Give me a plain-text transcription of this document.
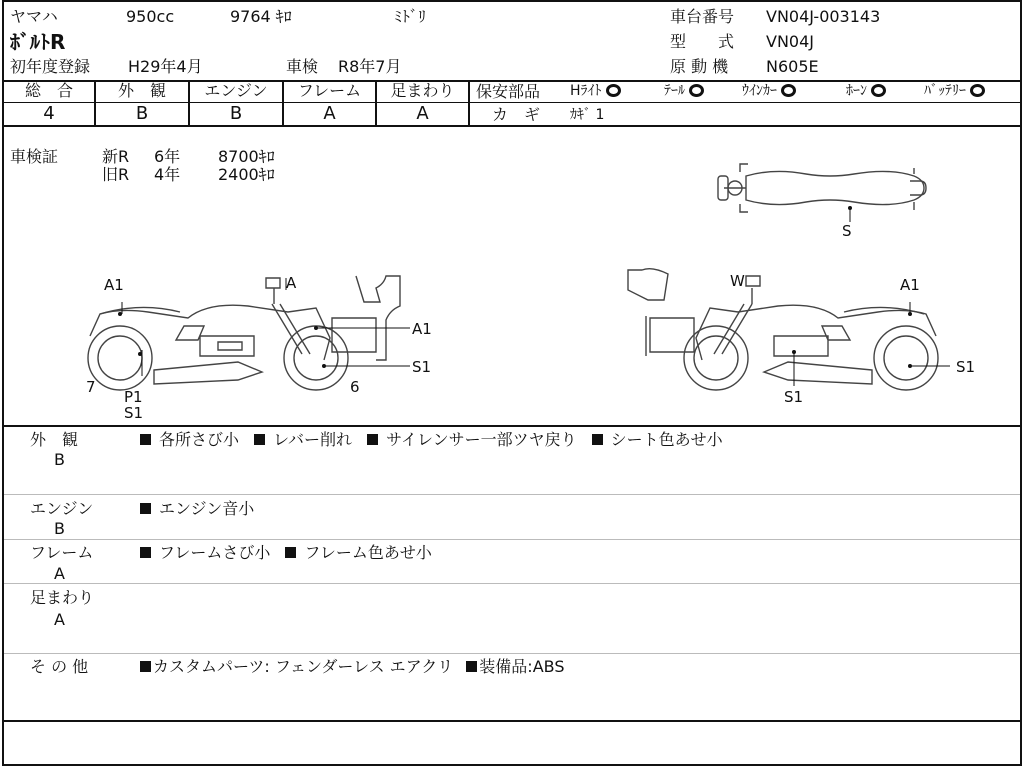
ヤマハ	950cc	9764 ｷﾛ	ﾐﾄﾞﾘ
ﾎﾞﾙﾄR
初年度登録 H29年4月	車検 R8年7月
車台番号 VN04J-003143
型　　式 VN04J
原 動 機 N605E
総　合
4
外　観
B
エンジン
B
フレーム
A
足まわり
A
保安部品 Hﾗｲﾄ	ﾃｰﾙ	ｳｲﾝｶｰ	ﾎｰﾝ	ﾊﾞｯﾃﾘｰ
カ　ギ ｶｷﾞ 1
車検証	新R 6年 8700ｷﾛ
旧R 4年 2400ｷﾛ
S
A1	A
A1
S1
7
P1
S1
6
W	A1
S1
S1
外　観
B
各所さび小 レバー削れ サイレンサー一部ツヤ戻り シート色あせ小
エンジン
B
エンジン音小
フレーム
A
フレームさび小 フレーム色あせ小
足まわり
A
そ の 他	カスタムパーツ: フェンダーレス エアクリ 装備品:ABS
